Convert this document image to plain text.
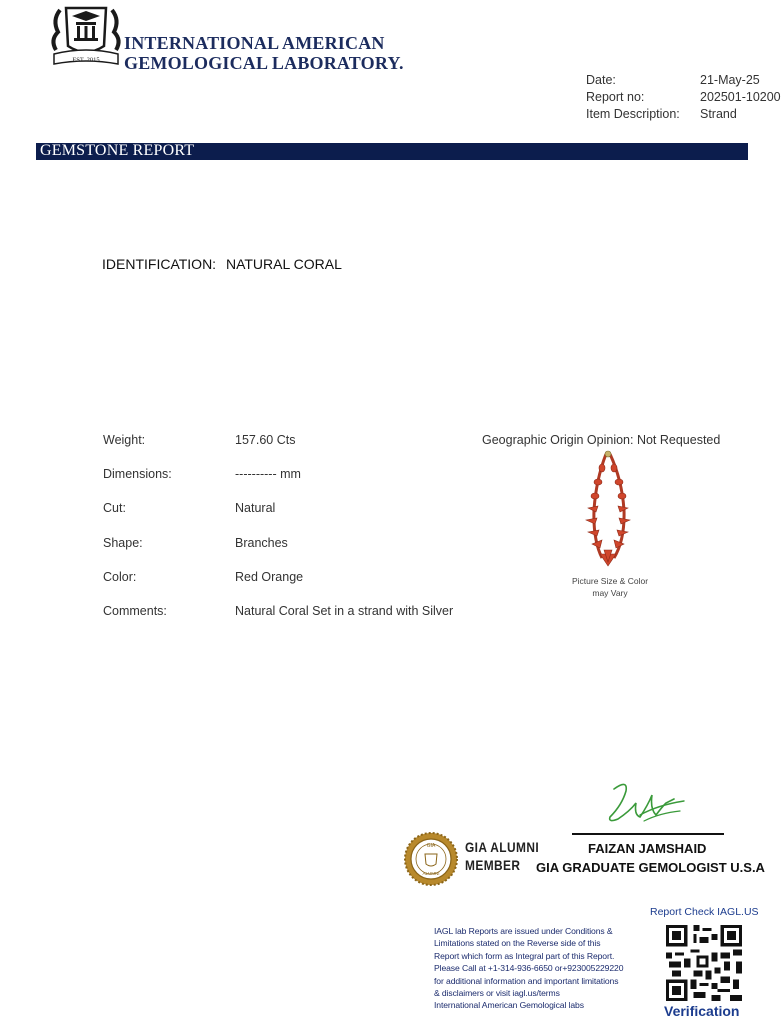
EST. 2015
INTERNATIONAL AMERICAN
GEMOLOGICAL LABORATORY.
Date:	21-May-25
Report no:	202501-10200
Item Description: Strand
GEMSTONE REPORT
IDENTIFICATION: NATURAL CORAL
Weight:	157.60 Cts
Dimensions:	---------- mm
Cut:	Natural
Shape:	Branches
Color:	Red Orange
Comments:	Natural Coral Set in a strand with Silver
Geographic Origin Opinion: Not Requested
Picture Size & Color
may Vary
FAIZAN JAMSHAID
GIA GRADUATE GEMOLOGIST U.S.A
GIA
ALUMNI
GIA ALUMNI
MEMBER
IAGL lab Reports are issued under Conditions &
Limitations stated on the Reverse side of this
Report which form as Integral part of this Report.
Please Call at +1-314-936-6650 or+923005229220
for additional information and important limitations
& disclaimers or visit iagl.us/terms
International American Gemological labs
Report Check IAGL.US
Verification
